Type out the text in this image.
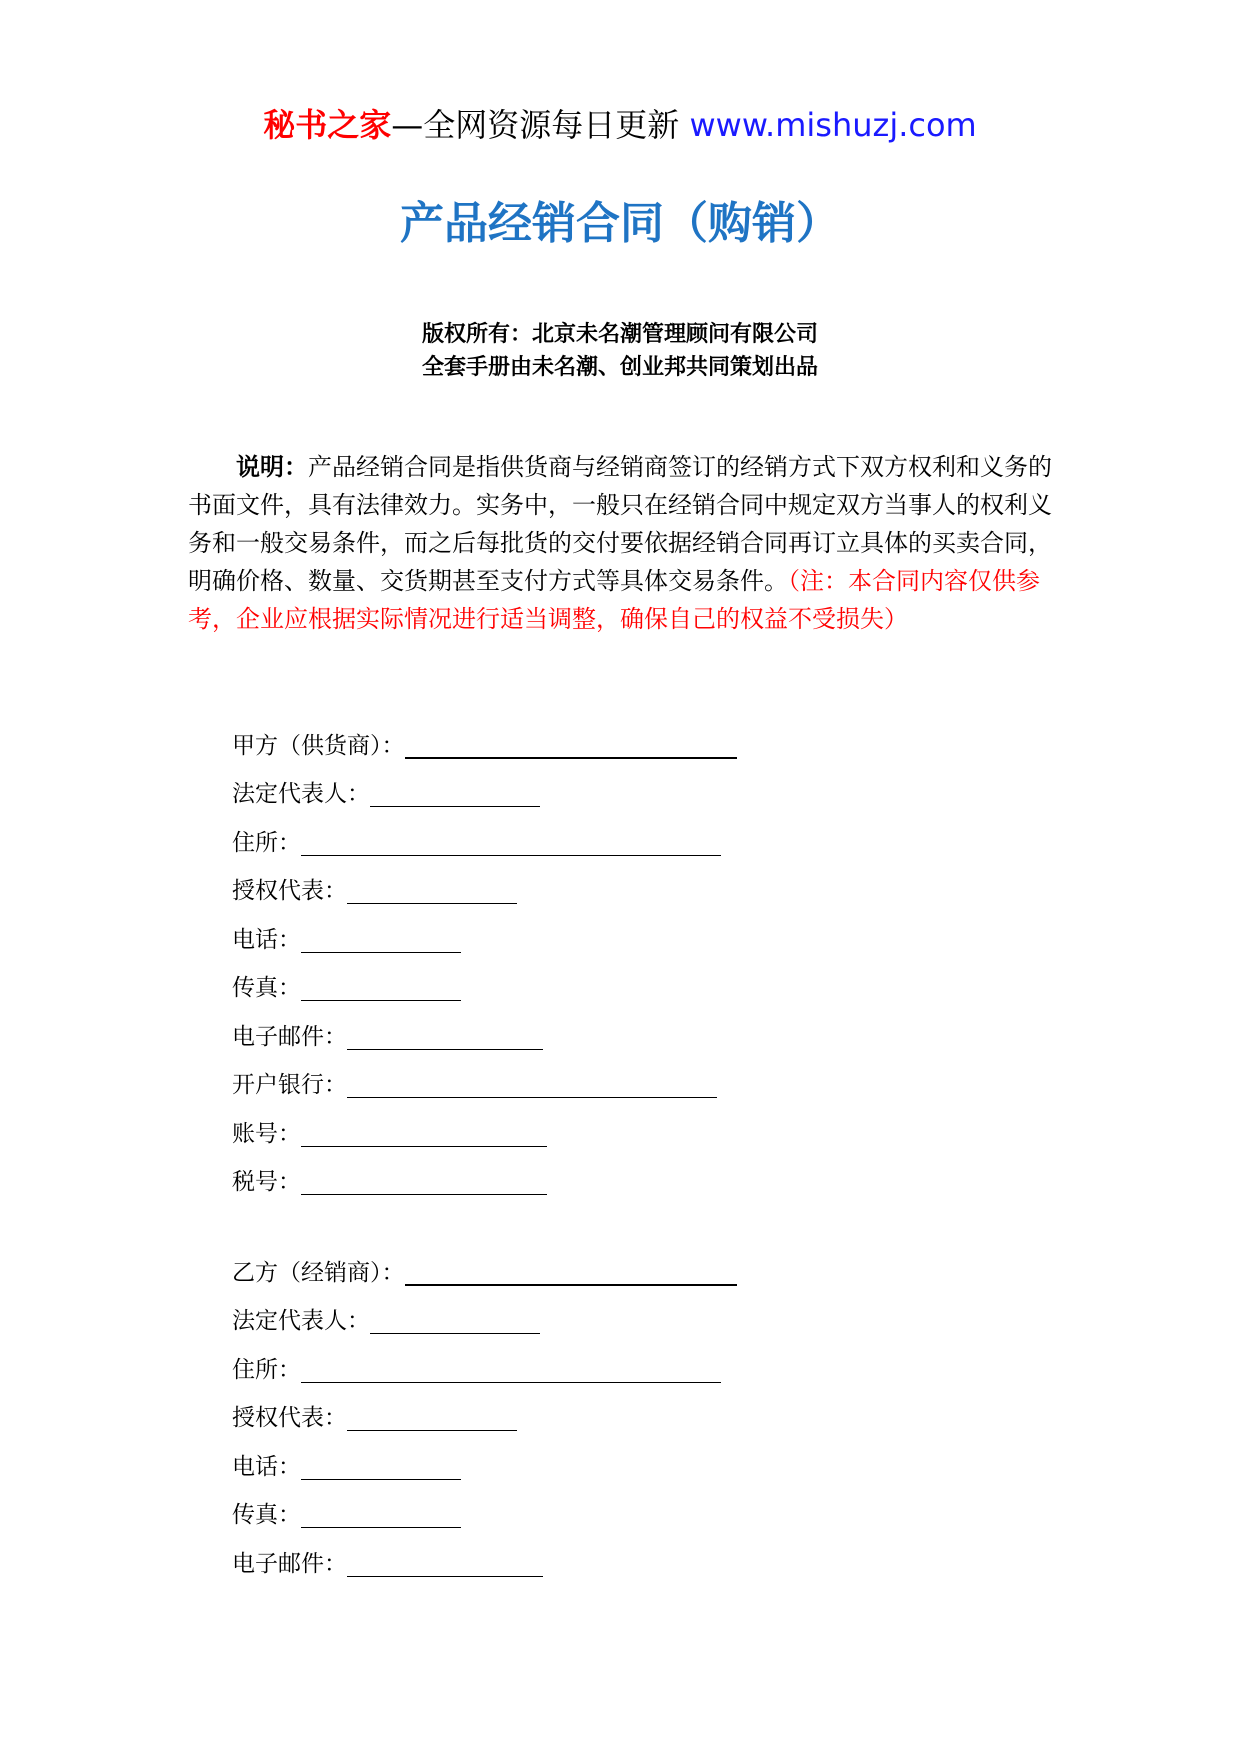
秘书之家—全网资源每日更新 www.mishuzj.com
产品经销合同（购销）
版权所有：北京未名潮管理顾问有限公司
全套手册由未名潮、创业邦共同策划出品
说明：产品经销合同是指供货商与经销商签订的经销方式下双方权利和义务的书面文件，具有法律效力。实务中，一般只在经销合同中规定双方当事人的权利义务和一般交易条件，而之后每批货的交付要依据经销合同再订立具体的买卖合同，明确价格、数量、交货期甚至支付方式等具体交易条件。（注：本合同内容仅供参考，企业应根据实际情况进行适当调整，确保自己的权益不受损失）
甲方（供货商）：
法定代表人：
住所：
授权代表：
电话：
传真：
电子邮件：
开户银行：
账号：
税号：
乙方（经销商）：
法定代表人：
住所：
授权代表：
电话：
传真：
电子邮件：
